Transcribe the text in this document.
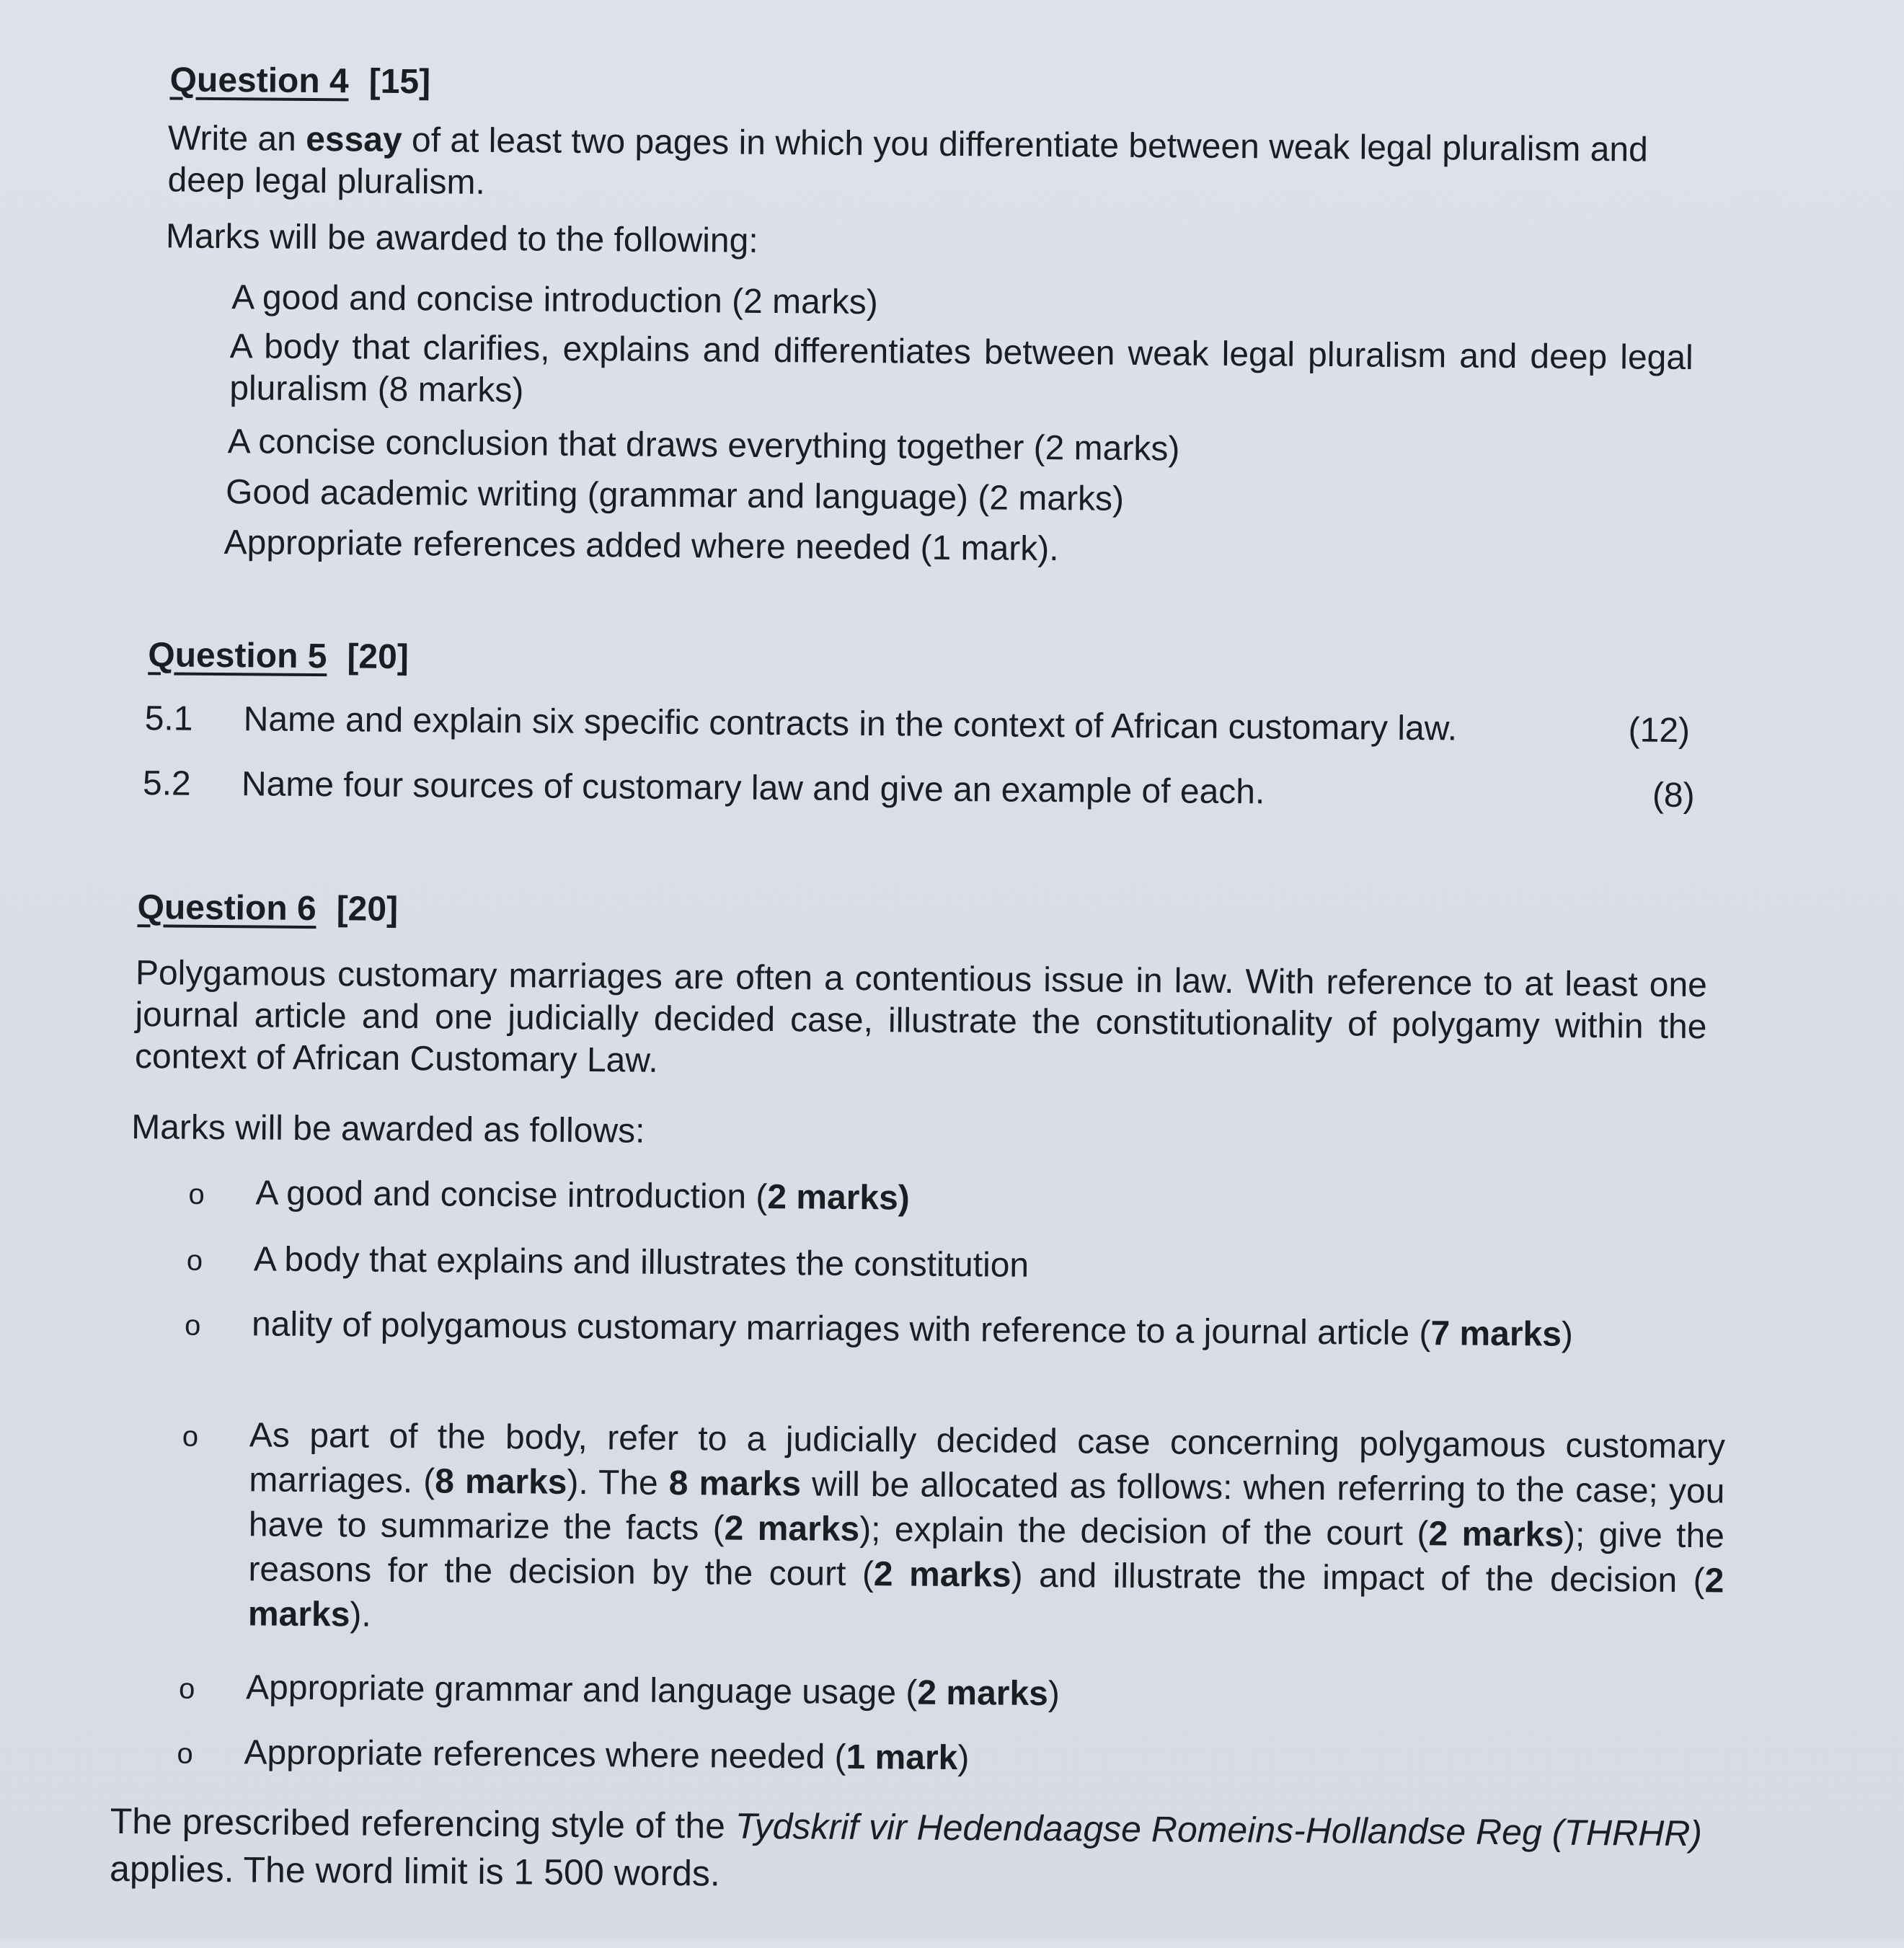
Question 4 [15]
Write an essay of at least two pages in which you differentiate between weak legal pluralism and deep legal pluralism.
Marks will be awarded to the following:
A good and concise introduction (2 marks)
A body that clarifies, explains and differentiates between weak legal pluralism and deep legal pluralism (8 marks)
A concise conclusion that draws everything together (2 marks)
Good academic writing (grammar and language) (2 marks)
Appropriate references added where needed (1 mark).
Question 5 [20]
5.1 Name and explain six specific contracts in the context of African customary law.	(12)
5.2 Name four sources of customary law and give an example of each.	(8)
Question 6 [20]
Polygamous customary marriages are often a contentious issue in law. With reference to at least one journal article and one judicially decided case, illustrate the constitutionality of polygamy within the context of African Customary Law.
Marks will be awarded as follows:
o A good and concise introduction (2 marks)
o A body that explains and illustrates the constitution
o nality of polygamous customary marriages with reference to a journal article (7 marks)
o As part of the body, refer to a judicially decided case concerning polygamous customary marriages. (8 marks). The 8 marks will be allocated as follows: when referring to the case; you have to summarize the facts (2 marks); explain the decision of the court (2 marks); give the reasons for the decision by the court (2 marks) and illustrate the impact of the decision (2 marks).
o Appropriate grammar and language usage (2 marks)
o Appropriate references where needed (1 mark)
The prescribed referencing style of the Tydskrif vir Hedendaagse Romeins-Hollandse Reg (THRHR) applies. The word limit is 1 500 words.
